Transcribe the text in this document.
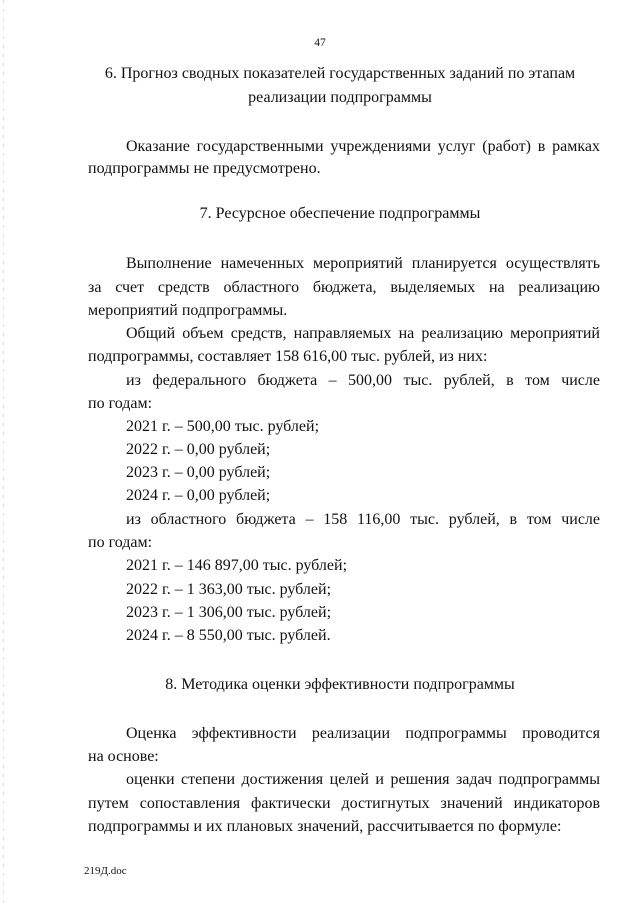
47
6. Прогноз сводных показателей государственных заданий по этапам
реализации подпрограммы
Оказание государственными учреждениями услуг (работ) в рамках
подпрограммы не предусмотрено.
7. Ресурсное обеспечение подпрограммы
Выполнение намеченных мероприятий планируется осуществлять
за счет средств областного бюджета, выделяемых на реализацию
мероприятий подпрограммы.
Общий объем средств, направляемых на реализацию мероприятий
подпрограммы, составляет 158 616,00 тыс. рублей, из них:
из федерального бюджета – 500,00 тыс. рублей, в том числе
по годам:
2021 г. – 500,00 тыс. рублей;
2022 г. – 0,00 рублей;
2023 г. – 0,00 рублей;
2024 г. – 0,00 рублей;
из областного бюджета – 158 116,00 тыс. рублей, в том числе
по годам:
2021 г. – 146 897,00 тыс. рублей;
2022 г. – 1 363,00 тыс. рублей;
2023 г. – 1 306,00 тыс. рублей;
2024 г. – 8 550,00 тыс. рублей.
8. Методика оценки эффективности подпрограммы
Оценка эффективности реализации подпрограммы проводится
на основе:
оценки степени достижения целей и решения задач подпрограммы
путем сопоставления фактически достигнутых значений индикаторов
подпрограммы и их плановых значений, рассчитывается по формуле:
219Д.doc
